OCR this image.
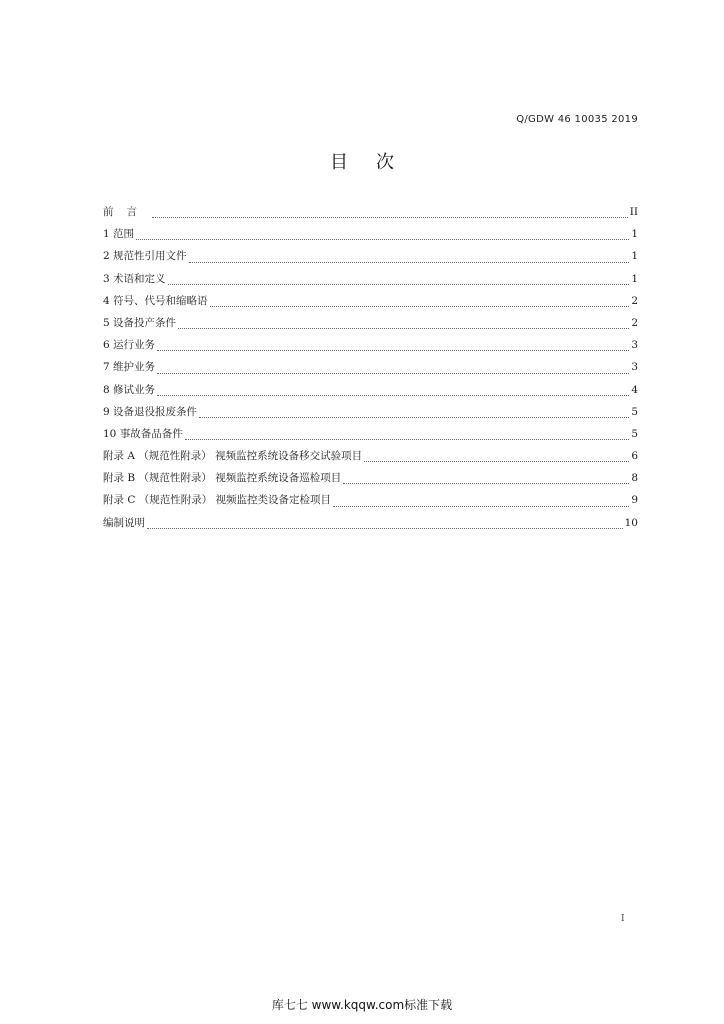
Q/GDW 46 10035 2019
目次
前言	II
1 范围	1
2 规范性引用文件	1
3 术语和定义	1
4 符号、代号和缩略语	2
5 设备投产条件	2
6 运行业务	3
7 维护业务	3
8 修试业务	4
9 设备退役报废条件	5
10 事故备品备件	5
附录 A （规范性附录） 视频监控系统设备移交试验项目	6
附录 B （规范性附录） 视频监控系统设备巡检项目	8
附录 C （规范性附录） 视频监控类设备定检项目	9
编制说明	10
I
库七七 www.kqqw.com标准下载
